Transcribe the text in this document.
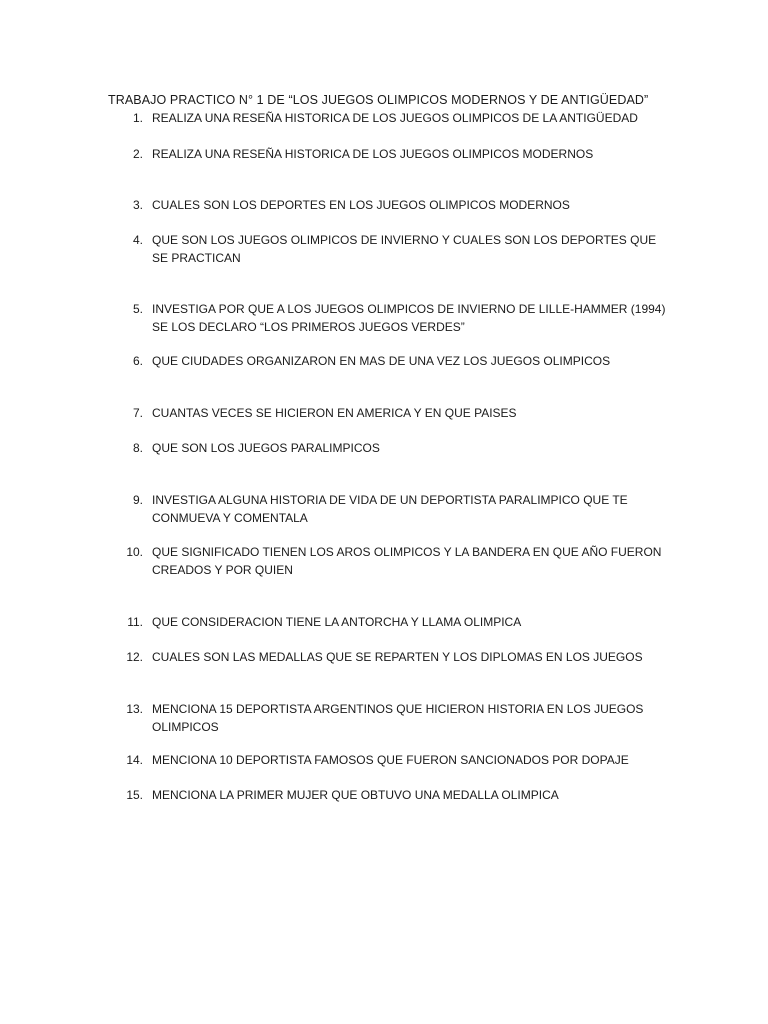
TRABAJO PRACTICO N° 1 DE “LOS JUEGOS OLIMPICOS MODERNOS Y DE ANTIGÜEDAD”
1. REALIZA UNA RESEÑA HISTORICA DE LOS JUEGOS OLIMPICOS DE LA ANTIGÜEDAD
2. REALIZA UNA RESEÑA HISTORICA DE LOS JUEGOS OLIMPICOS MODERNOS
3. CUALES SON LOS DEPORTES EN LOS JUEGOS OLIMPICOS MODERNOS
4. QUE SON LOS JUEGOS OLIMPICOS DE INVIERNO Y CUALES SON LOS DEPORTES QUE SE PRACTICAN
5. INVESTIGA POR QUE A LOS JUEGOS OLIMPICOS DE INVIERNO DE LILLE-HAMMER (1994) SE LOS DECLARO “LOS PRIMEROS JUEGOS VERDES”
6. QUE CIUDADES ORGANIZARON EN MAS DE UNA VEZ LOS JUEGOS OLIMPICOS
7. CUANTAS VECES SE HICIERON EN AMERICA Y EN QUE PAISES
8. QUE SON LOS JUEGOS PARALIMPICOS
9. INVESTIGA ALGUNA HISTORIA DE VIDA DE UN DEPORTISTA PARALIMPICO QUE TE CONMUEVA Y COMENTALA
10. QUE SIGNIFICADO TIENEN LOS AROS OLIMPICOS Y LA BANDERA EN QUE AÑO FUERON CREADOS Y POR QUIEN
11. QUE CONSIDERACION TIENE LA ANTORCHA Y LLAMA OLIMPICA
12. CUALES SON LAS MEDALLAS QUE SE REPARTEN Y LOS DIPLOMAS EN LOS JUEGOS
13. MENCIONA 15 DEPORTISTA ARGENTINOS QUE HICIERON HISTORIA EN LOS JUEGOS OLIMPICOS
14. MENCIONA 10 DEPORTISTA FAMOSOS QUE FUERON SANCIONADOS POR DOPAJE
15. MENCIONA LA PRIMER MUJER QUE OBTUVO UNA MEDALLA OLIMPICA
